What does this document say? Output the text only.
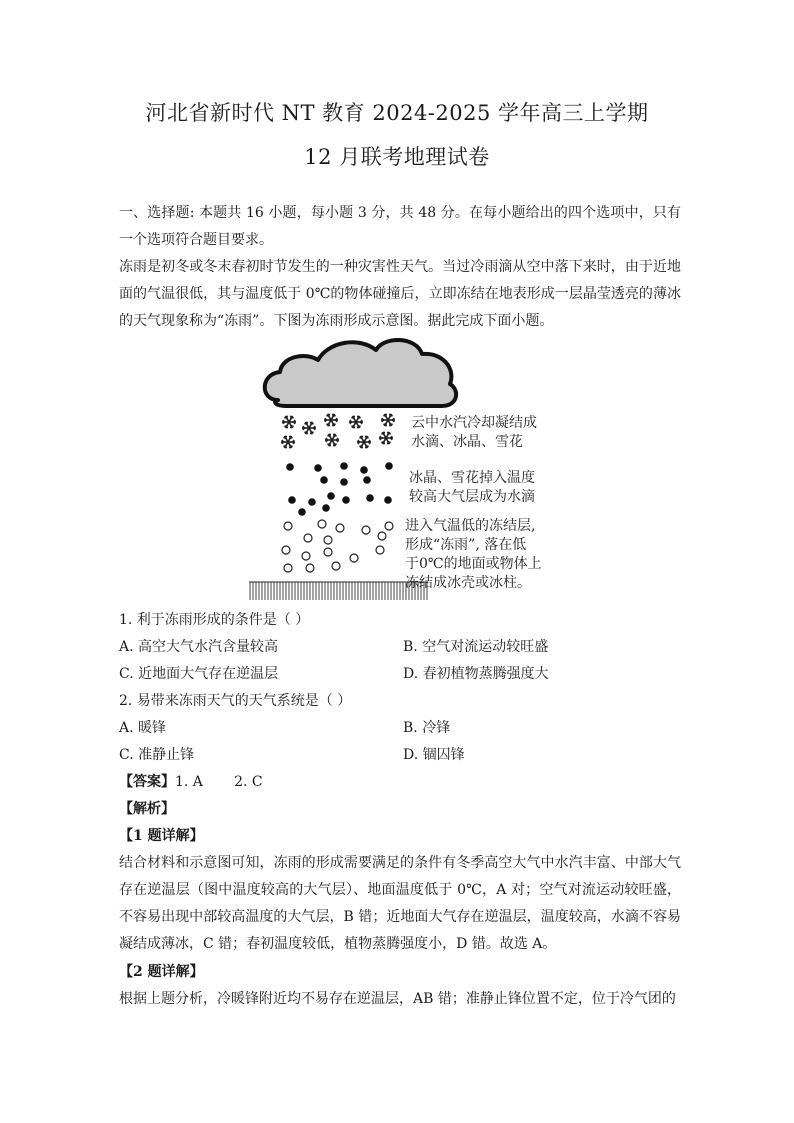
河北省新时代 NT 教育 2024-2025 学年高三上学期
12 月联考地理试卷

一、选择题: 本题共 16 小题，每小题 3 分，共 48 分。在每小题给出的四个选项中，只有一个选项符合题目要求。

冻雨是初冬或冬末春初时节发生的一种灾害性天气。当过冷雨滴从空中落下来时，由于近地面的气温很低，其与温度低于 0℃的物体碰撞后，立即冻结在地表形成一层晶莹透亮的薄冰的天气现象称为“冻雨”。下图为冻雨形成示意图。据此完成下面小题。

云中水汽冷却凝结成
水滴、冰晶、雪花
冰晶、雪花掉入温度
较高大气层成为水滴
进入气温低的冻结层,
形成“冻雨”, 落在低
于0℃的地面或物体上
冻结成冰壳或冰柱。
1. 利于冻雨形成的条件是（ ）
A. 高空大气水汽含量较高	B. 空气对流运动较旺盛
C. 近地面大气存在逆温层	D. 春初植物蒸腾强度大
2. 易带来冻雨天气的天气系统是（ ）
A. 暖锋	B. 冷锋
C. 准静止锋	D. 锢囚锋
【答案】1. A       2. C
【解析】
【1 题详解】

结合材料和示意图可知，冻雨的形成需要满足的条件有冬季高空大气中水汽丰富、中部大气存在逆温层（图中温度较高的大气层）、地面温度低于 0℃，A 对；空气对流运动较旺盛，不容易出现中部较高温度的大气层，B 错；近地面大气存在逆温层，温度较高，水滴不容易凝结成薄冰，C 错；春初温度较低，植物蒸腾强度小，D 错。故选 A。

【2 题详解】

根据上题分析，冷暖锋附近均不易存在逆温层，AB 错；准静止锋位置不定，位于冷气团的
